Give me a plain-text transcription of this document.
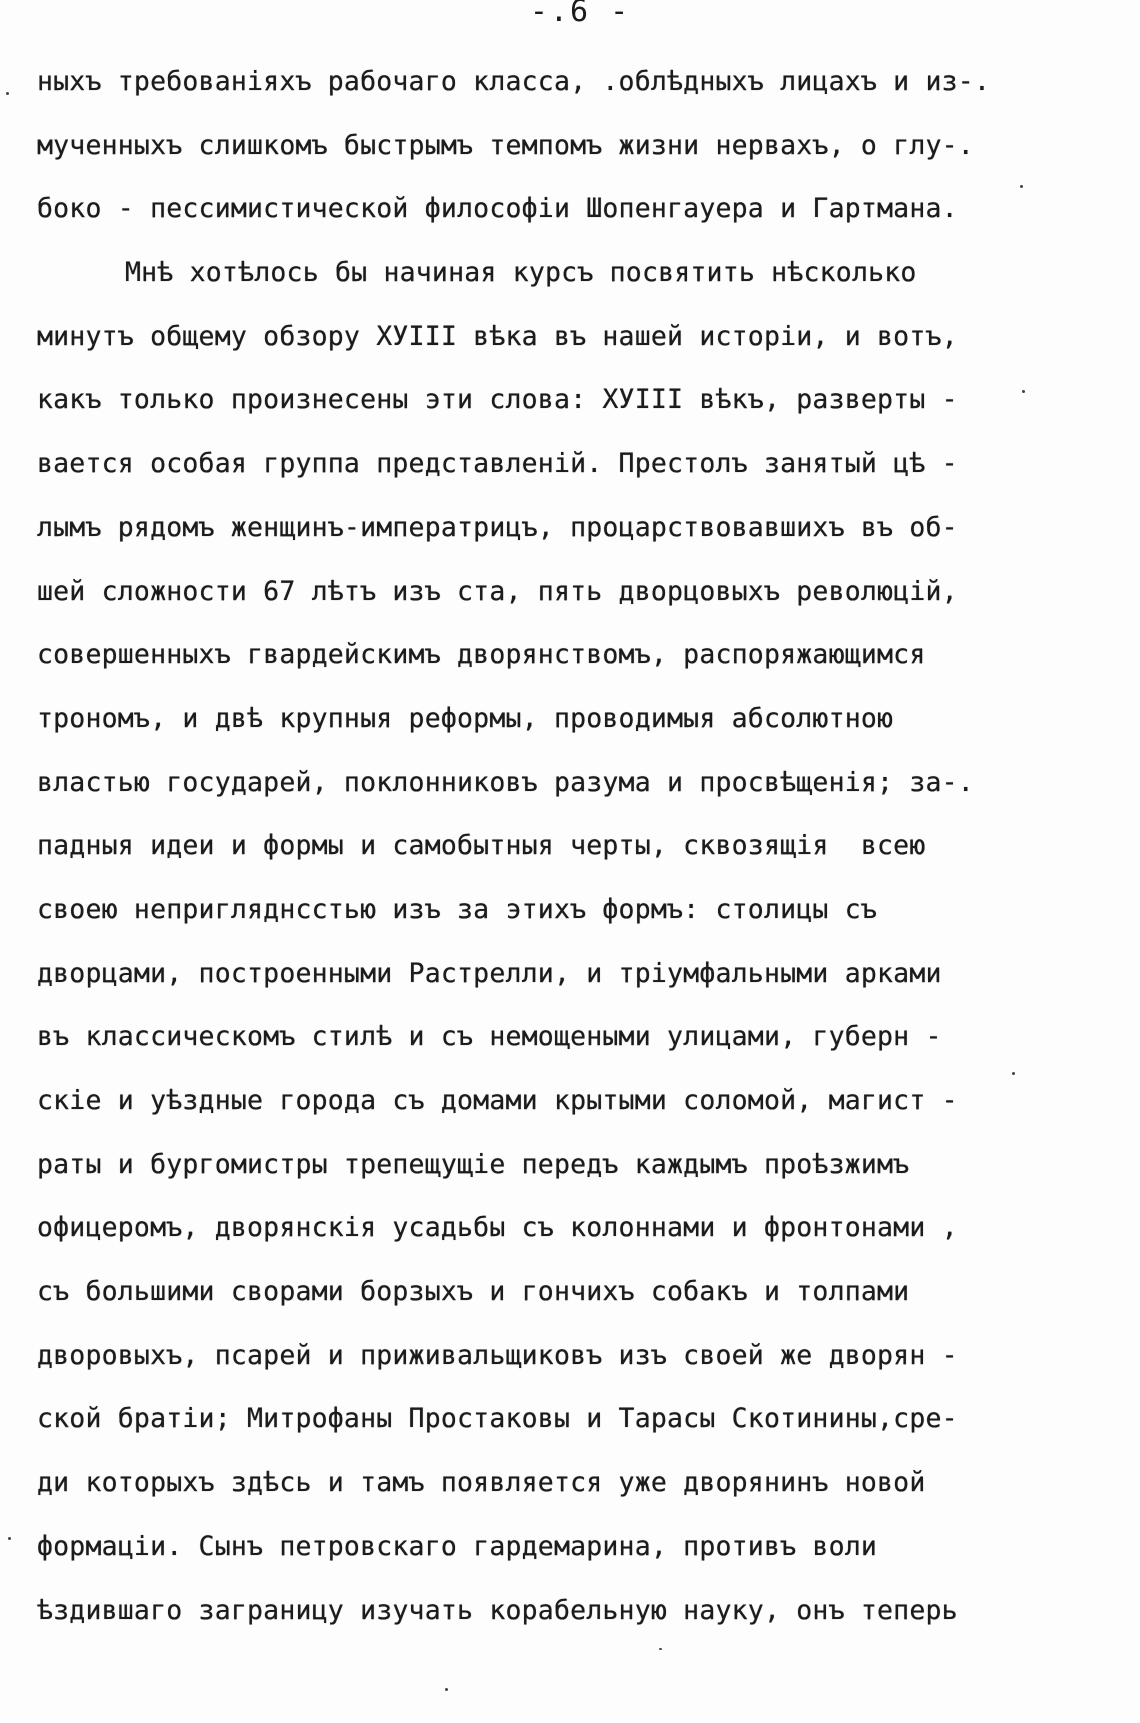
-.6 -
ныхъ требованіяхъ рабочаго класса, .облѣдныхъ лицахъ и из-.
мученныхъ слишкомъ быстрымъ темпомъ жизни нервахъ, о глу-.
боко - пессимистической философіи Шопенгауера и Гартмана.
Мнѣ хотѣлось бы начиная курсъ посвятить нѣсколько
минутъ общему обзору ХУIII вѣка въ нашей исторіи, и вотъ,
какъ только произнесены эти слова: ХУIII вѣкъ, разверты -
вается особая группа представленій. Престолъ занятый цѣ -
лымъ рядомъ женщинъ-императрицъ, процарствовавшихъ въ об-
шей сложности 67 лѣтъ изъ ста, пять дворцовыхъ революцій,
совершенныхъ гвардейскимъ дворянствомъ, распоряжающимся
трономъ, и двѣ крупныя реформы, проводимыя абсолютною
властью государей, поклонниковъ разума и просвѣщенія; за-.
падныя идеи и формы и самобытныя черты, сквозящія  всею
своею непригляднcстью изъ за этихъ формъ: столицы съ
дворцами, построенными Растрелли, и тріумфальными арками
въ классическомъ стилѣ и съ немощеными улицами, губерн -
скіе и уѣздные города съ домами крытыми соломой, магист -
раты и бургомистры трепещущіе передъ каждымъ проѣзжимъ
офицеромъ, дворянскія усадьбы съ колоннами и фронтонами ,
съ большими сворами борзыхъ и гончихъ собакъ и толпами
дворовыхъ, псарей и приживальщиковъ изъ своей же дворян -
ской братіи; Митрофаны Простаковы и Тарасы Скотинины,сре-
ди которыхъ здѣсь и тамъ появляется уже дворянинъ новой
формаціи. Сынъ петровскаго гардемарина, противъ воли
ѣздившаго заграницу изучать корабельную науку, онъ теперь
